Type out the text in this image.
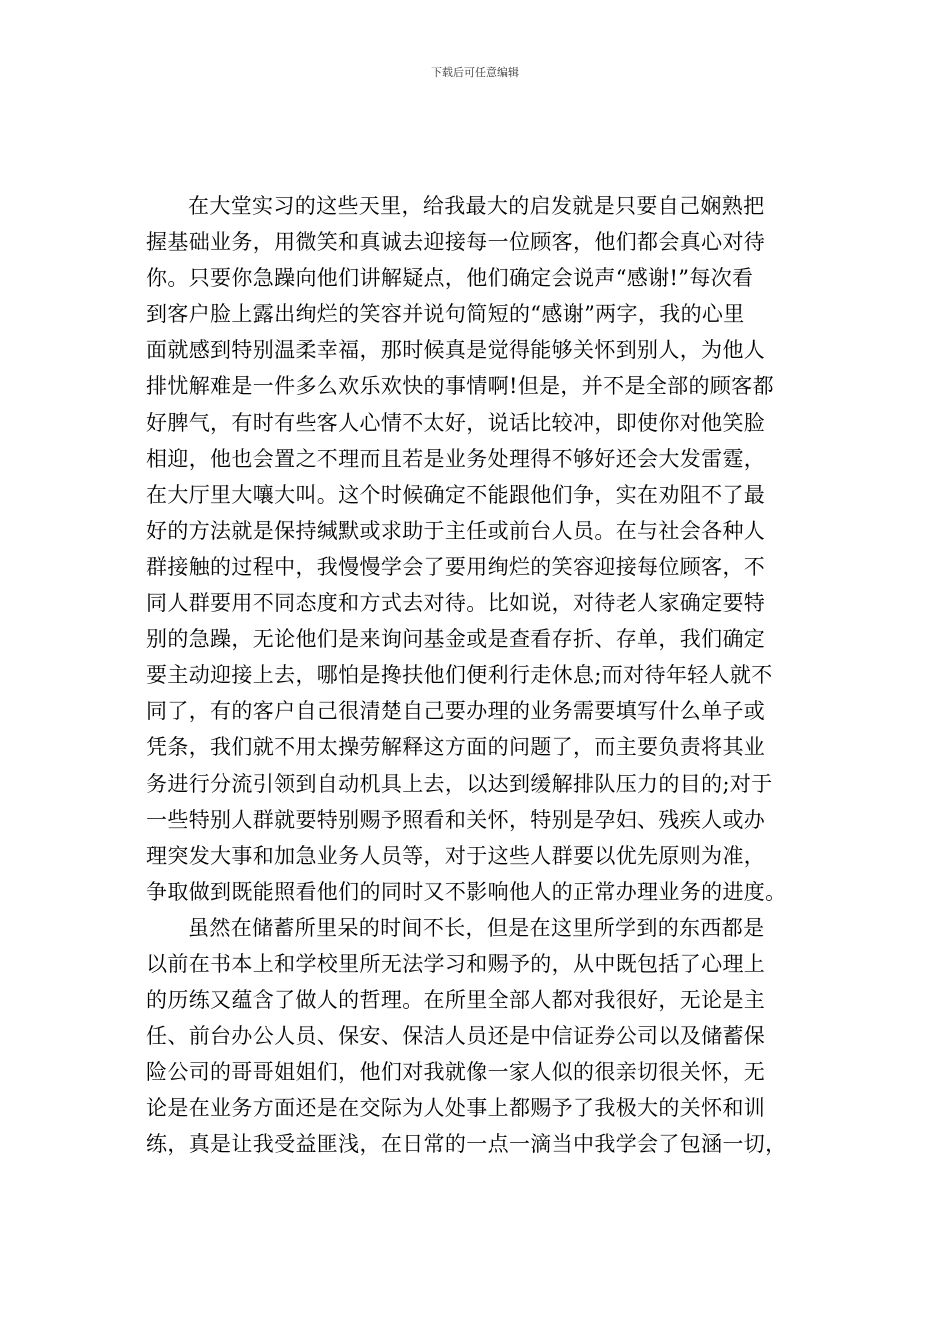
下载后可任意编辑
在大堂实习的这些天里，给我最大的启发就是只要自己娴熟把
握基础业务，用微笑和真诚去迎接每一位顾客，他们都会真心对待
你。只要你急躁向他们讲解疑点，他们确定会说声“感谢!”每次看
到客户脸上露出绚烂的笑容并说句简短的“感谢”两字，我的心里
面就感到特别温柔幸福，那时候真是觉得能够关怀到别人，为他人
排忧解难是一件多么欢乐欢快的事情啊!但是，并不是全部的顾客都
好脾气，有时有些客人心情不太好，说话比较冲，即使你对他笑脸
相迎，他也会置之不理而且若是业务处理得不够好还会大发雷霆，
在大厅里大嚷大叫。这个时候确定不能跟他们争，实在劝阻不了最
好的方法就是保持缄默或求助于主任或前台人员。在与社会各种人
群接触的过程中，我慢慢学会了要用绚烂的笑容迎接每位顾客，不
同人群要用不同态度和方式去对待。比如说，对待老人家确定要特
别的急躁，无论他们是来询问基金或是查看存折、存单，我们确定
要主动迎接上去，哪怕是搀扶他们便利行走休息;而对待年轻人就不
同了，有的客户自己很清楚自己要办理的业务需要填写什么单子或
凭条，我们就不用太操劳解释这方面的问题了，而主要负责将其业
务进行分流引领到自动机具上去，以达到缓解排队压力的目的;对于
一些特别人群就要特别赐予照看和关怀，特别是孕妇、残疾人或办
理突发大事和加急业务人员等，对于这些人群要以优先原则为准，
争取做到既能照看他们的同时又不影响他人的正常办理业务的进度。
虽然在储蓄所里呆的时间不长，但是在这里所学到的东西都是
以前在书本上和学校里所无法学习和赐予的，从中既包括了心理上
的历练又蕴含了做人的哲理。在所里全部人都对我很好，无论是主
任、前台办公人员、保安、保洁人员还是中信证券公司以及储蓄保
险公司的哥哥姐姐们，他们对我就像一家人似的很亲切很关怀，无
论是在业务方面还是在交际为人处事上都赐予了我极大的关怀和训
练，真是让我受益匪浅，在日常的一点一滴当中我学会了包涵一切，
